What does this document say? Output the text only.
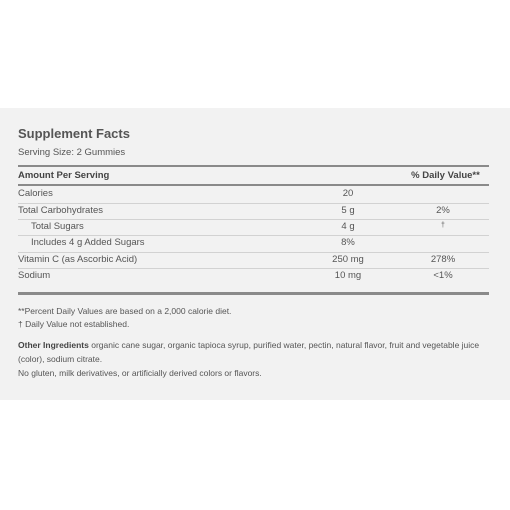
Supplement Facts
Serving Size: 2 Gummies
Amount Per Serving	% Daily Value**
Calories	20
Total Carbohydrates	5 g	2%
Total Sugars	4 g	†
Includes 4 g Added Sugars	8%
Vitamin C (as Ascorbic Acid)	250 mg	278%
Sodium	10 mg	<1%
**Percent Daily Values are based on a 2,000 calorie diet.
† Daily Value not established.
Other Ingredients organic cane sugar, organic tapioca syrup, purified water, pectin, natural flavor, fruit and vegetable juice (color), sodium citrate.
No gluten, milk derivatives, or artificially derived colors or flavors.
